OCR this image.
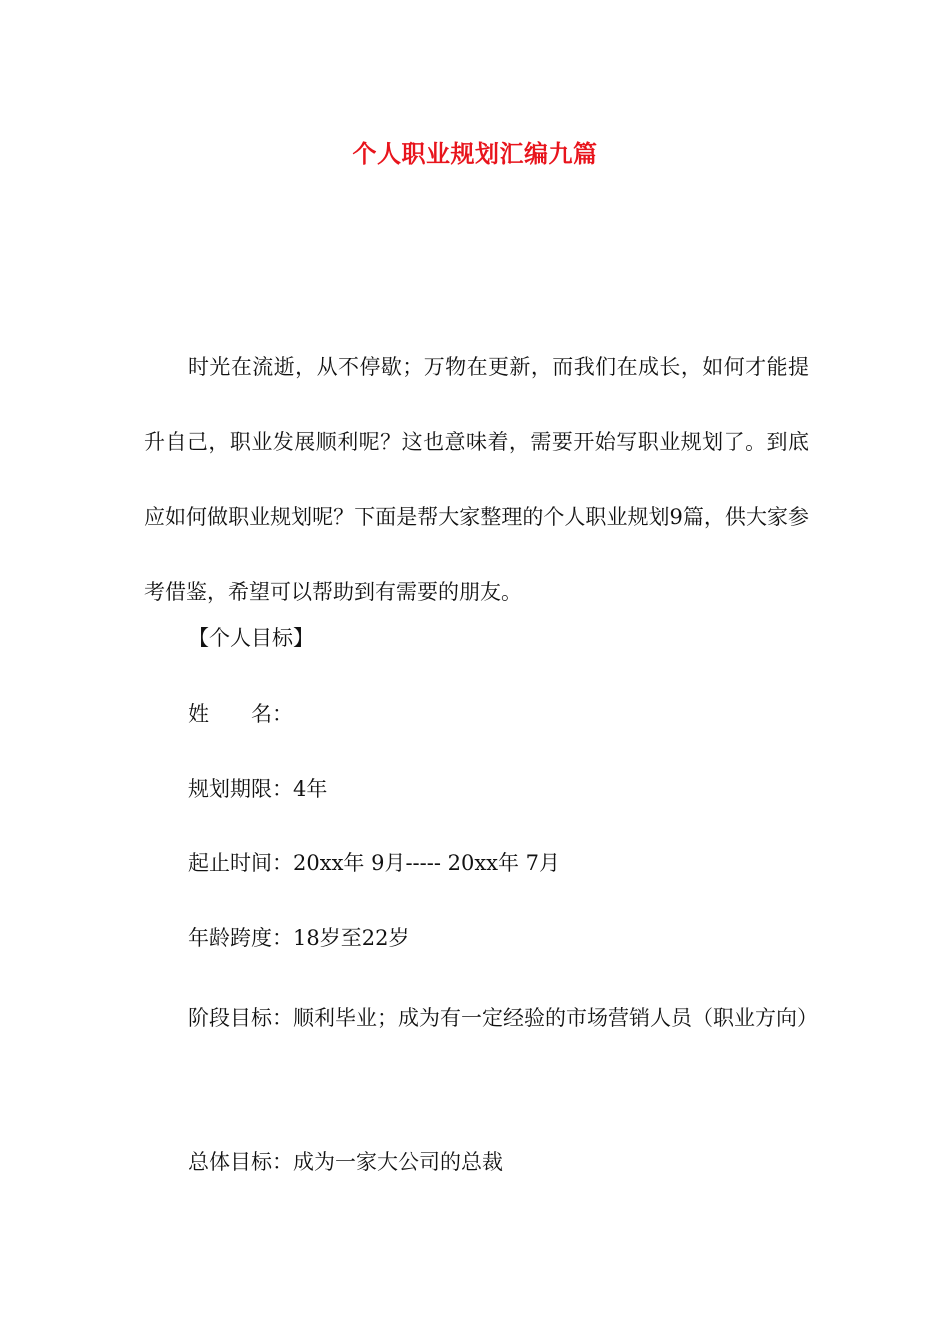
个人职业规划汇编九篇

时光在流逝，从不停歇；万物在更新，而我们在成长，如何才能提升自己，职业发展顺利呢？这也意味着，需要开始写职业规划了。到底应如何做职业规划呢？下面是帮大家整理的个人职业规划9篇，供大家参考借鉴，希望可以帮助到有需要的朋友。

【个人目标】
姓　　名：
规划期限：4年
起止时间：20xx年 9月----- 20xx年 7月
年龄跨度：18岁至22岁

阶段目标：顺利毕业；成为有一定经验的市场营销人员（职业方向）

总体目标：成为一家大公司的总裁
